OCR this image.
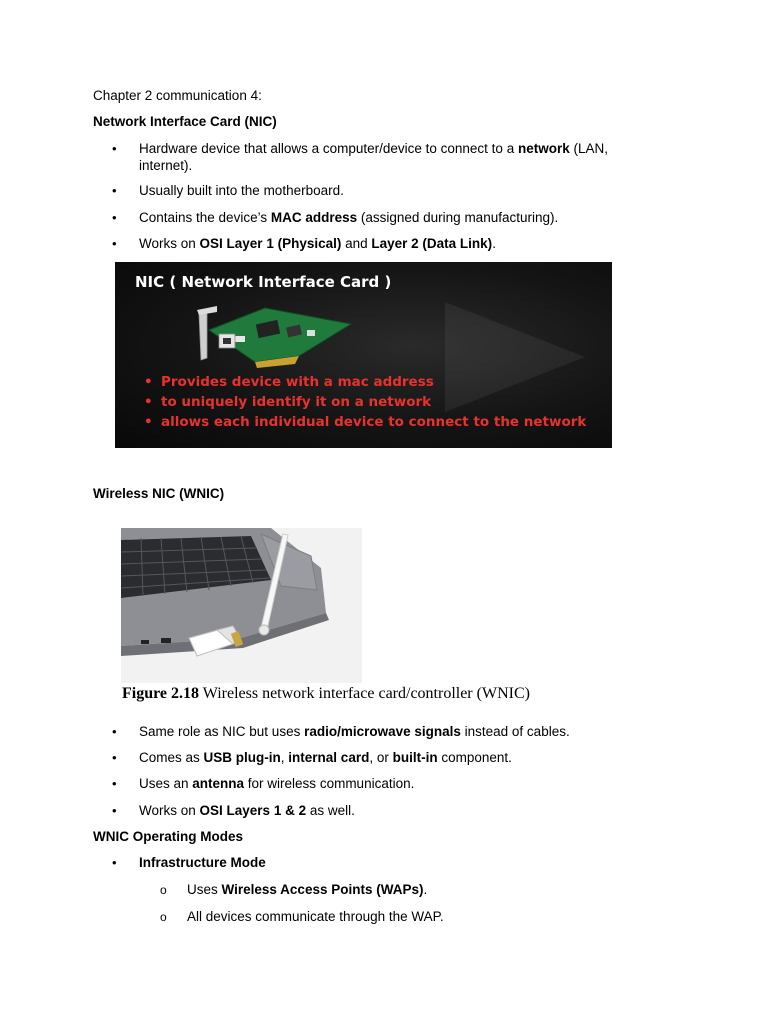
Chapter 2 communication 4:
Network Interface Card (NIC)
•	Hardware device that allows a computer/device to connect to a network (LAN, internet).
•	Usually built into the motherboard.
•	Contains the device’s MAC address (assigned during manufacturing).
•	Works on OSI Layer 1 (Physical) and Layer 2 (Data Link).
NIC ( Network Interface Card )
• Provides device with a mac address
• to uniquely identify it on a network
• allows each individual device to connect to the network
Wireless NIC (WNIC)
Figure 2.18 Wireless network interface card/controller (WNIC)
•	Same role as NIC but uses radio/microwave signals instead of cables.
•	Comes as USB plug-in, internal card, or built-in component.
•	Uses an antenna for wireless communication.
•	Works on OSI Layers 1 & 2 as well.
WNIC Operating Modes
•	Infrastructure Mode
o	Uses Wireless Access Points (WAPs).
o	All devices communicate through the WAP.
